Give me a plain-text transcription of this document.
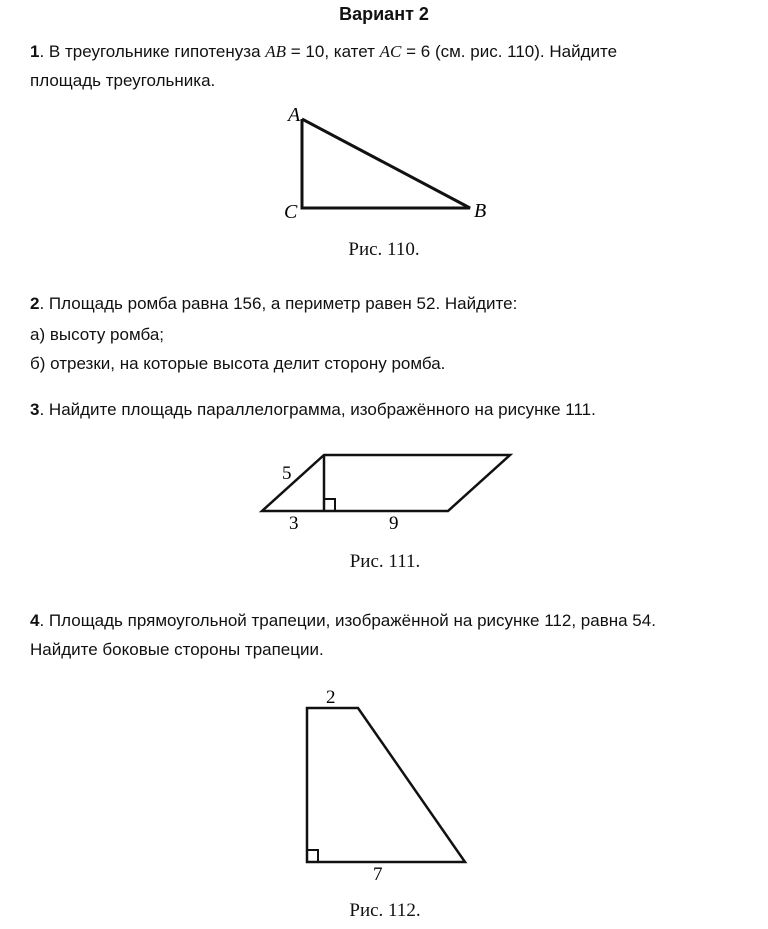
Вариант 2
1. В треугольнике гипотенуза AB = 10, катет AC = 6 (см. рис. 110). Найдите
площадь треугольника.
A
C	B
5
3	9
2
7
Рис. 110.
2. Площадь ромба равна 156, а периметр равен 52. Найдите:
а) высоту ромба;
б) отрезки, на которые высота делит сторону ромба.
3. Найдите площадь параллелограмма, изображённого на рисунке 111.
Рис. 111.
4. Площадь прямоугольной трапеции, изображённой на рисунке 112, равна 54.
Найдите боковые стороны трапеции.
Рис. 112.
